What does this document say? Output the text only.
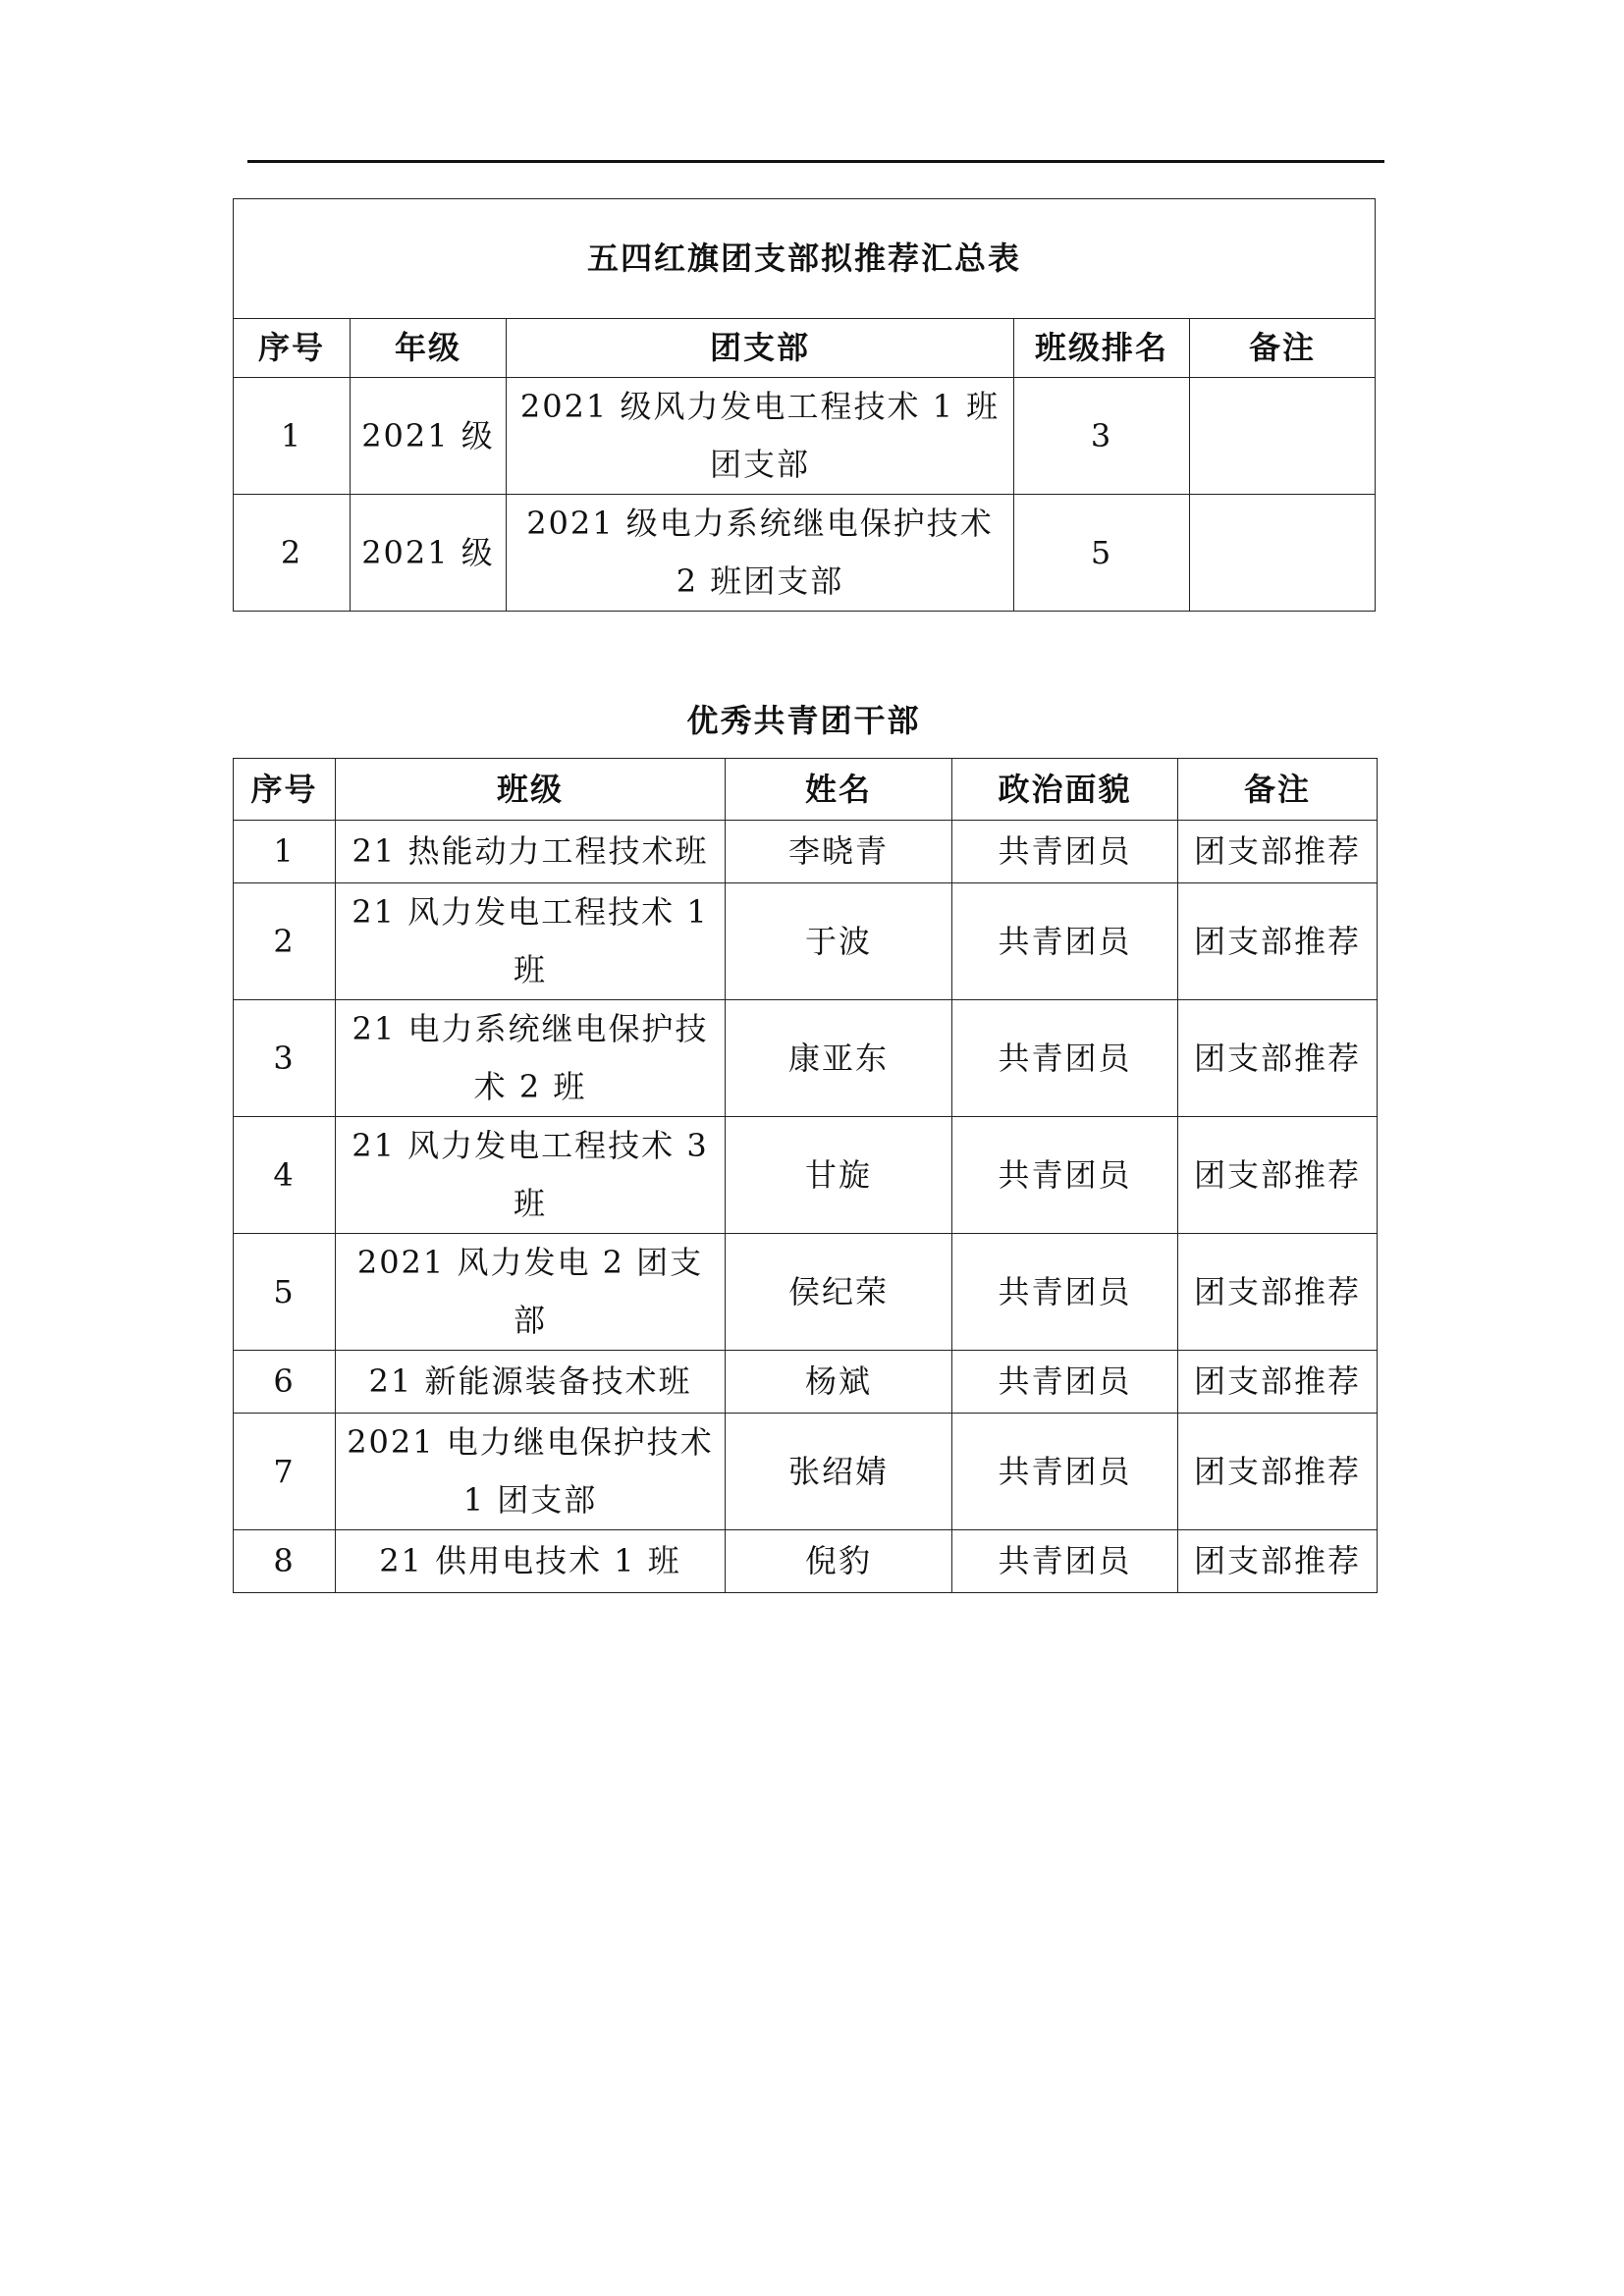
五四红旗团支部拟推荐汇总表				
序号	年级	团支部	班级排名	备注
1	2021 级	2021 级风力发电工程技术 1 班团支部	3	
2	2021 级	2021 级电力系统继电保护技术 2 班团支部	5	
优秀共青团干部
序号	班级	姓名	政治面貌	备注
1	21 热能动力工程技术班	李晓青	共青团员	团支部推荐
2	21 风力发电工程技术 1 班	于波	共青团员	团支部推荐
3	21 电力系统继电保护技术 2 班	康亚东	共青团员	团支部推荐
4	21 风力发电工程技术 3 班	甘旋	共青团员	团支部推荐
5	2021 风力发电 2 团支部	侯纪荣	共青团员	团支部推荐
6	21 新能源装备技术班	杨斌	共青团员	团支部推荐
7	2021 电力继电保护技术 1 团支部	张绍婧	共青团员	团支部推荐
8	21 供用电技术 1 班	倪豹	共青团员	团支部推荐
